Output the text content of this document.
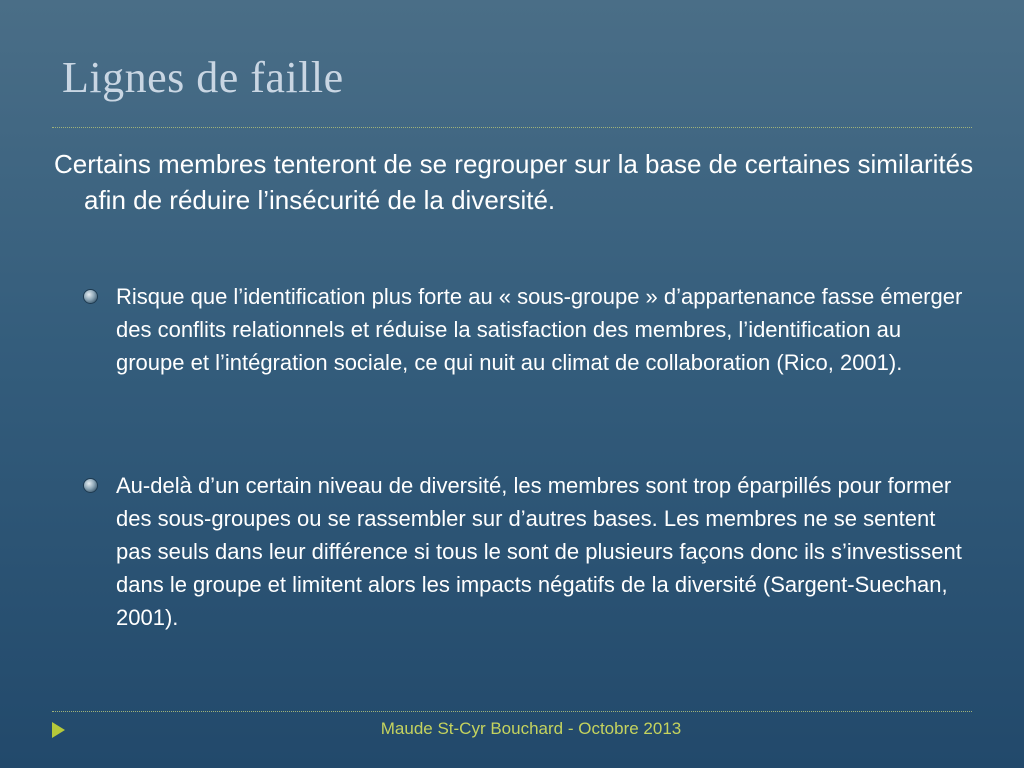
Lignes de faille
Certains membres tenteront de se regrouper sur la base de certaines similarités afin de réduire l’insécurité de la diversité.
Risque que l’identification plus forte au « sous-groupe » d’appartenance fasse émerger des conflits relationnels et réduise la satisfaction des membres, l’identification au groupe et l’intégration sociale, ce qui nuit au climat de collaboration (Rico, 2001).
Au-delà d’un certain niveau de diversité, les membres sont trop éparpillés pour former des sous-groupes ou se rassembler sur d’autres bases. Les membres ne se sentent pas seuls dans leur différence si tous le sont de plusieurs façons donc ils s’investissent dans le groupe et limitent alors les impacts négatifs de la diversité (Sargent-Suechan, 2001).
Maude St-Cyr Bouchard - Octobre 2013
